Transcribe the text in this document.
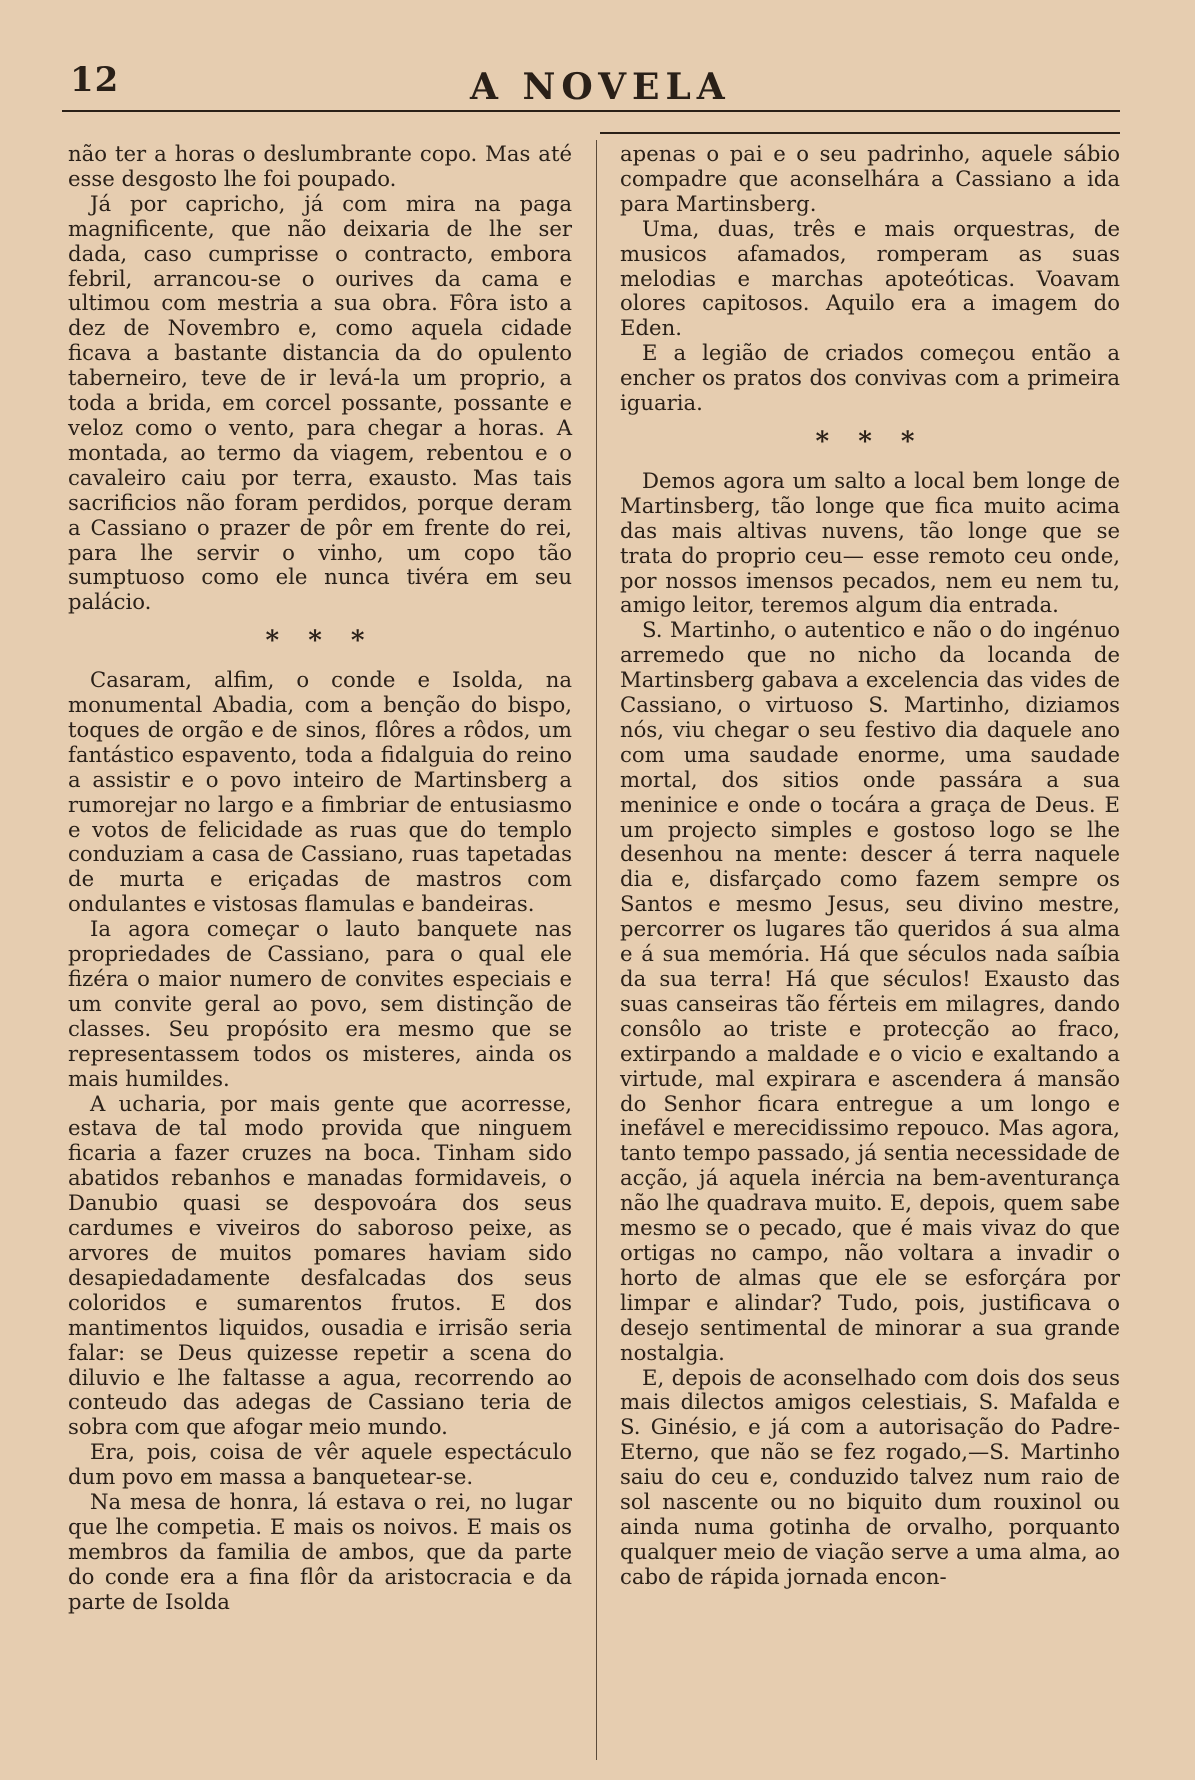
12	A NOVELA

não ter a horas o deslumbrante copo. Mas até esse desgosto lhe foi poupado.

Já por capricho, já com mira na paga magnificente, que não deixaria de lhe ser dada, caso cumprisse o contracto, embora febril, arrancou-se o ourives da cama e ultimou com mestria a sua obra. Fôra isto a dez de Novembro e, como aquela cidade ficava a bastante distancia da do opulento taberneiro, teve de ir levá-la um proprio, a toda a brida, em corcel possante, possante e veloz como o vento, para chegar a horas. A montada, ao termo da viagem, rebentou e o cavaleiro caiu por terra, exausto. Mas tais sacrificios não foram perdidos, porque deram a Cassiano o prazer de pôr em frente do rei, para lhe servir o vinho, um copo tão sumptuoso como ele nunca tivéra em seu palácio.

* * *

Casaram, alfim, o conde e Isolda, na monumental Abadia, com a benção do bispo, toques de orgão e de sinos, flôres a rôdos, um fantástico espavento, toda a fidalguia do reino a assistir e o povo inteiro de Martinsberg a rumorejar no largo e a fimbriar de entusiasmo e votos de felicidade as ruas que do templo conduziam a casa de Cassiano, ruas tapetadas de murta e eriçadas de mastros com ondulantes e vistosas flamulas e bandeiras.

Ia agora começar o lauto banquete nas propriedades de Cassiano, para o qual ele fizéra o maior numero de convites especiais e um convite geral ao povo, sem distinção de classes. Seu propósito era mesmo que se representassem todos os misteres, ainda os mais humildes.

A ucharia, por mais gente que acorresse, estava de tal modo provida que ninguem ficaria a fazer cruzes na boca. Tinham sido abatidos rebanhos e manadas formidaveis, o Danubio quasi se despovoára dos seus cardumes e viveiros do saboroso peixe, as arvores de muitos pomares haviam sido desapiedadamente desfalcadas dos seus coloridos e sumarentos frutos. E dos mantimentos liquidos, ousadia e irrisão seria falar: se Deus quizesse repetir a scena do diluvio e lhe faltasse a agua, recorrendo ao conteudo das adegas de Cassiano teria de sobra com que afogar meio mundo.

Era, pois, coisa de vêr aquele espectáculo dum povo em massa a banquetear-se.

Na mesa de honra, lá estava o rei, no lugar que lhe competia. E mais os noivos. E mais os membros da familia de ambos, que da parte do conde era a fina flôr da aristocracia e da parte de Isolda

apenas o pai e o seu padrinho, aquele sábio compadre que aconselhára a Cassiano a ida para Martinsberg.

Uma, duas, três e mais orquestras, de musicos afamados, romperam as suas melodias e marchas apoteóticas. Voavam olores capitosos. Aquilo era a imagem do Eden.

E a legião de criados começou então a encher os pratos dos convivas com a primeira iguaria.

* * *

Demos agora um salto a local bem longe de Martinsberg, tão longe que fica muito acima das mais altivas nuvens, tão longe que se trata do proprio ceu— esse remoto ceu onde, por nossos imensos pecados, nem eu nem tu, amigo leitor, teremos algum dia entrada.

S. Martinho, o autentico e não o do ingénuo arremedo que no nicho da locanda de Martinsberg gabava a excelencia das vides de Cassiano, o virtuoso S. Martinho, diziamos nós, viu chegar o seu festivo dia daquele ano com uma saudade enorme, uma saudade mortal, dos sitios onde passára a sua meninice e onde o tocára a graça de Deus. E um projecto simples e gostoso logo se lhe desenhou na mente: descer á terra naquele dia e, disfarçado como fazem sempre os Santos e mesmo Jesus, seu divino mestre, percorrer os lugares tão queridos á sua alma e á sua memória. Há que séculos nada saíbia da sua terra! Há que séculos! Exausto das suas canseiras tão férteis em milagres, dando consôlo ao triste e protecção ao fraco, extirpando a maldade e o vicio e exaltando a virtude, mal expirara e ascendera á mansão do Senhor ficara entregue a um longo e inefável e merecidissimo repouco. Mas agora, tanto tempo passado, já sentia necessidade de acção, já aquela inércia na bem-aventurança não lhe quadrava muito. E, depois, quem sabe mesmo se o pecado, que é mais vivaz do que ortigas no campo, não voltara a invadir o horto de almas que ele se esforçára por limpar e alindar? Tudo, pois, justificava o desejo sentimental de minorar a sua grande nostalgia.

E, depois de aconselhado com dois dos seus mais dilectos amigos celestiais, S. Mafalda e S. Ginésio, e já com a autorisação do Padre-Eterno, que não se fez rogado,—S. Martinho saiu do ceu e, conduzido talvez num raio de sol nascente ou no biquito dum rouxinol ou ainda numa gotinha de orvalho, porquanto qualquer meio de viação serve a uma alma, ao cabo de rápida jornada encon-
